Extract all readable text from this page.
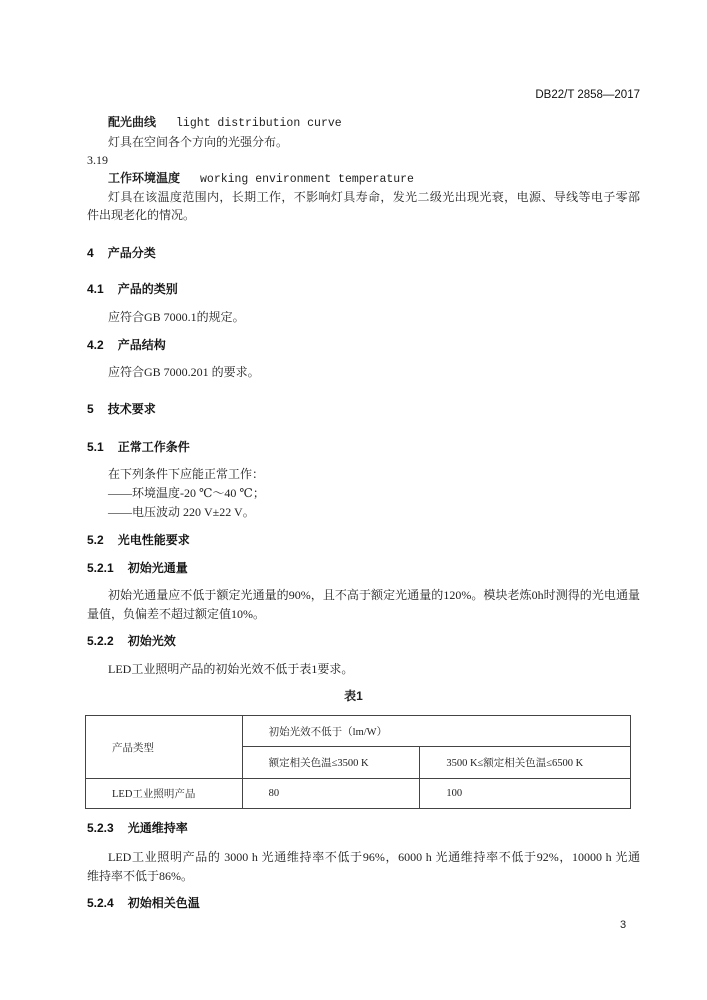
DB22/T 2858—2017
配光曲线 light distribution curve
灯具在空间各个方向的光强分布。
3.19
工作环境温度 working environment temperature
灯具在该温度范围内，长期工作，不影响灯具寿命，发光二级光出现光衰，电源、导线等电子零部
件出现老化的情况。
4 产品分类
4.1 产品的类别
应符合GB 7000.1的规定。
4.2 产品结构
应符合GB 7000.201 的要求。
5 技术要求
5.1 正常工作条件
在下列条件下应能正常工作：
——环境温度-20 ℃～40 ℃；
——电压波动 220 V±22 V。
5.2 光电性能要求
5.2.1 初始光通量
初始光通量应不低于额定光通量的90%，且不高于额定光通量的120%。模块老炼0h时测得的光电通量
量值，负偏差不超过额定值10%。
5.2.2 初始光效
LED工业照明产品的初始光效不低于表1要求。
表1
产品类型	初始光效不低于（lm/W）	
	额定相关色温≤3500 K	3500 K≤额定相关色温≤6500 K
LED工业照明产品	80	100
5.2.3 光通维持率
LED工业照明产品的 3000 h 光通维持率不低于96%，6000 h 光通维持率不低于92%，10000 h 光通
维持率不低于86%。
5.2.4 初始相关色温
3
